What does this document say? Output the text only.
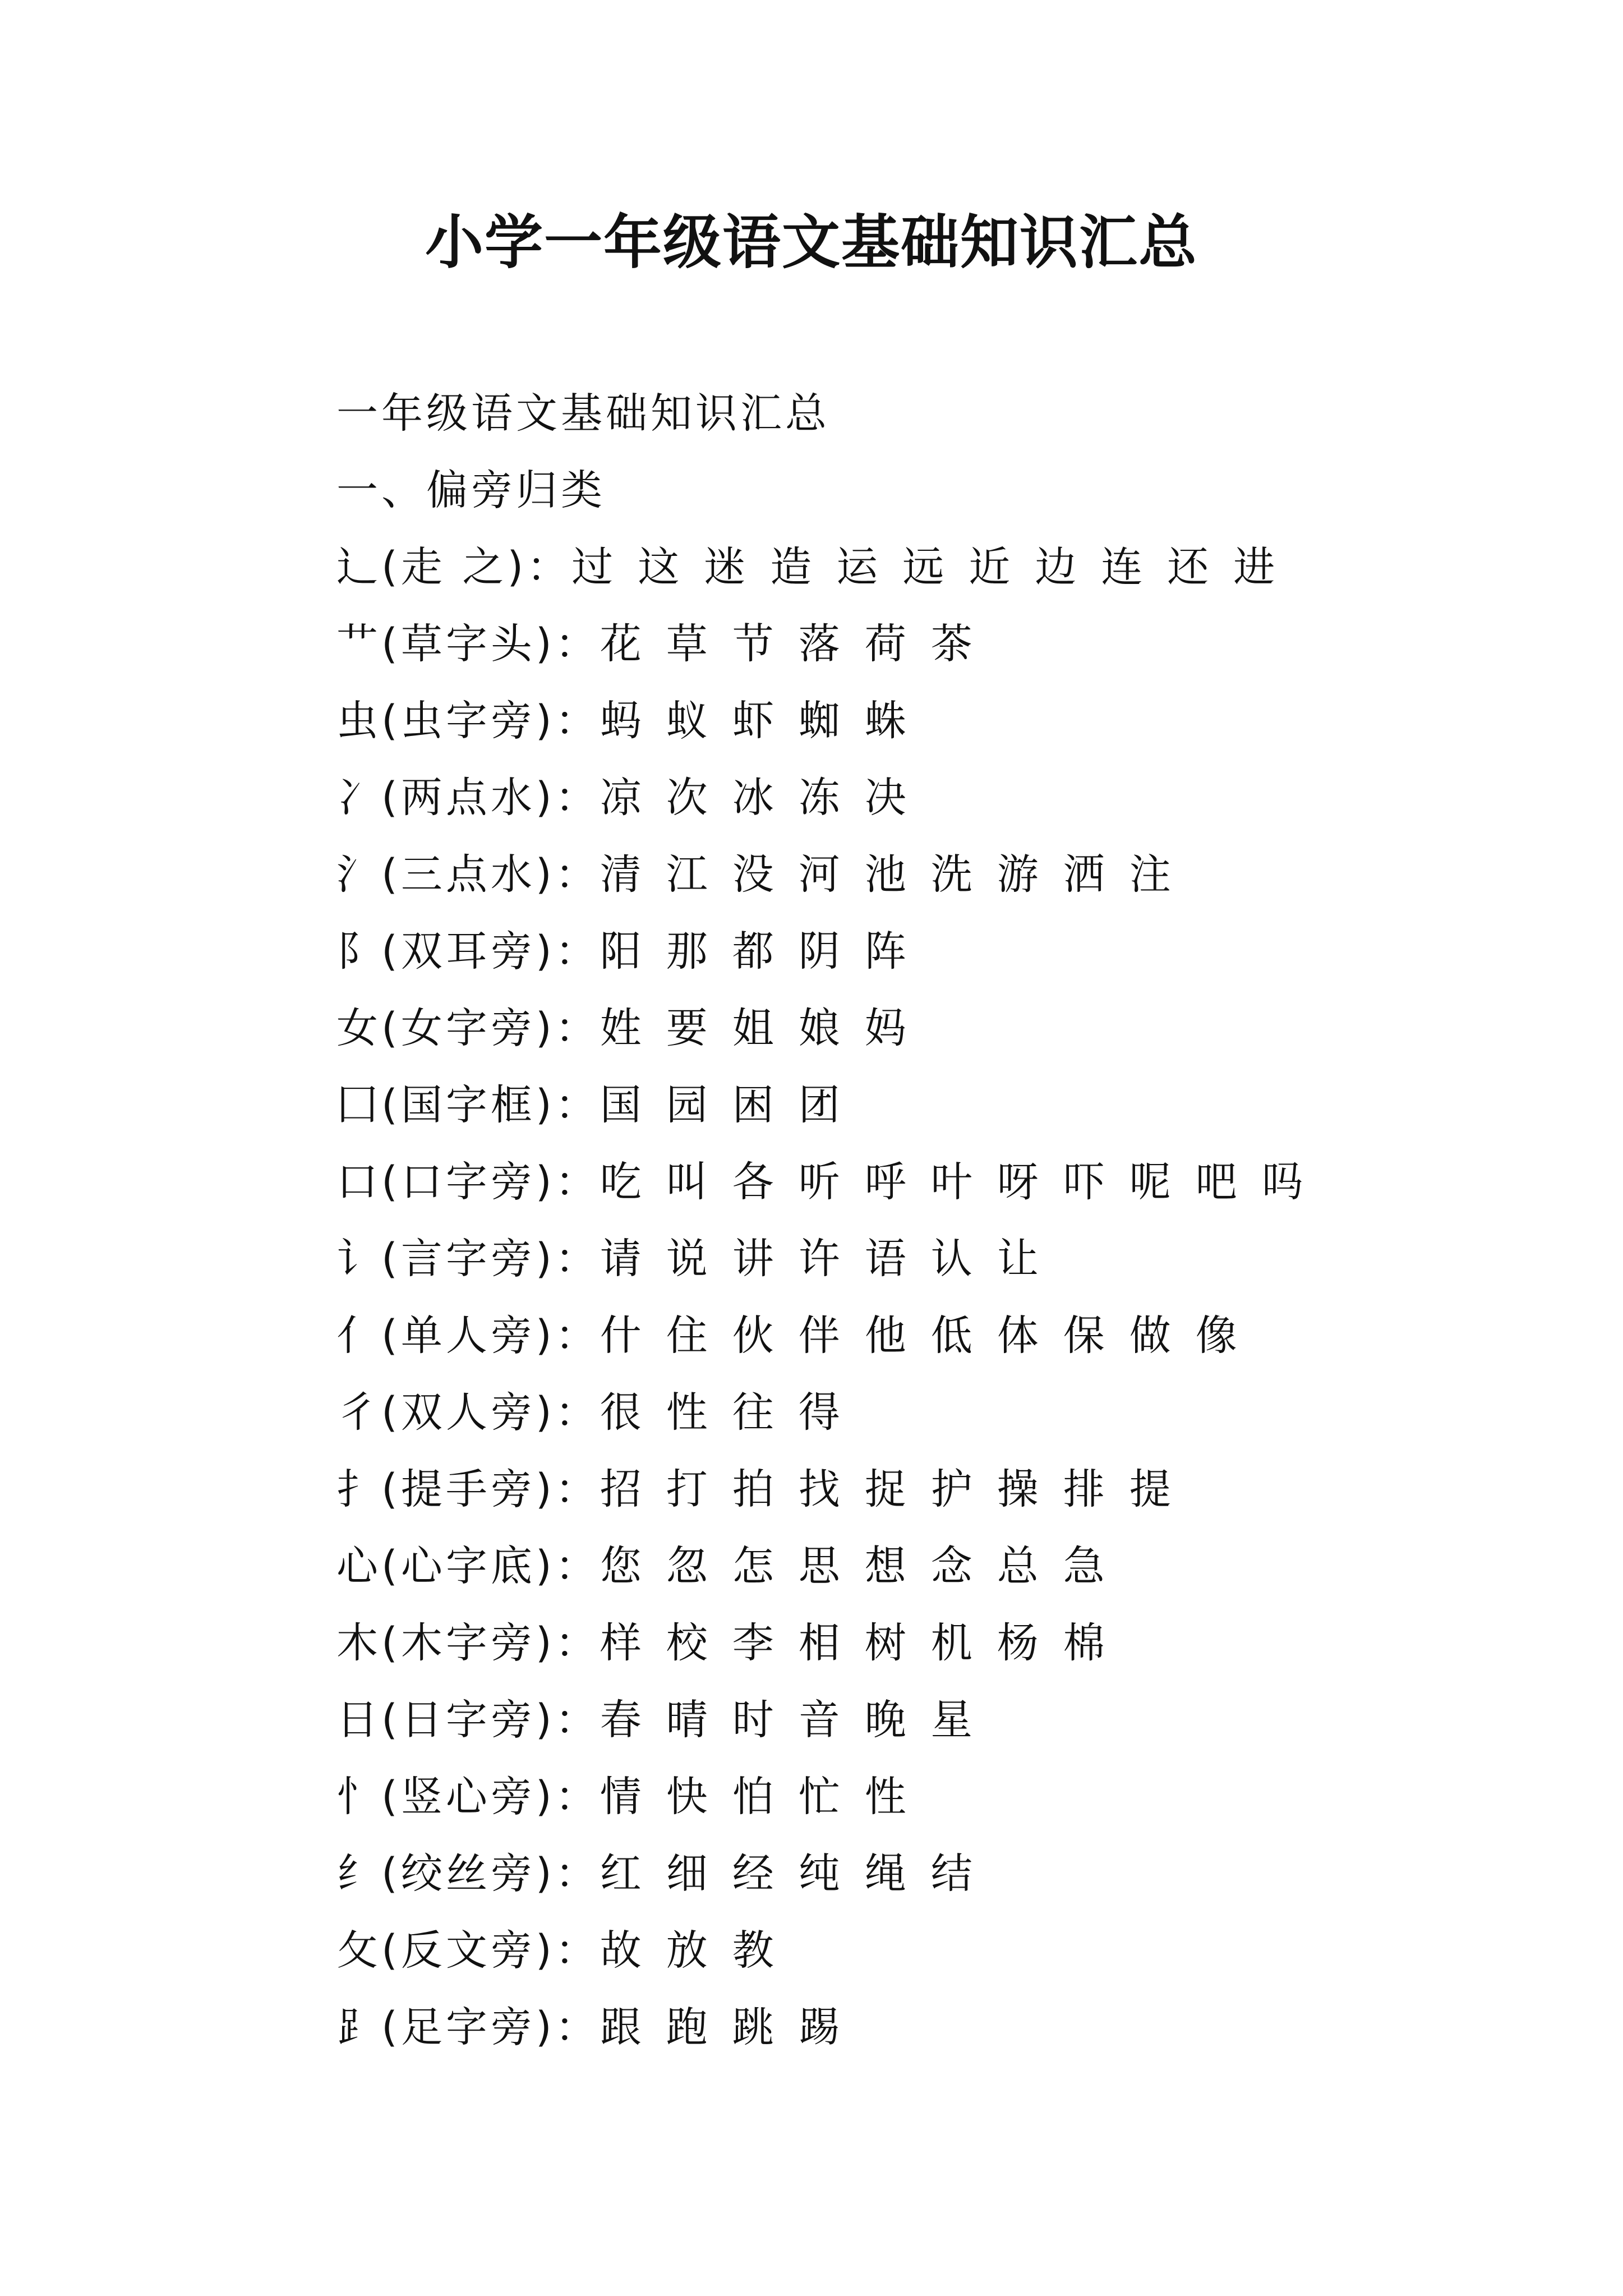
小学一年级语文基础知识汇总
一年级语文基础知识汇总
一、偏旁归类
⻌(走 之)： 过 这 迷 造 运 远 近 边 连 还 进
艹(草字头)： 花 草 节 落 荷 茶
虫(虫字旁)： 蚂 蚁 虾 蜘 蛛
冫(两点水)： 凉 次 冰 冻 决
氵(三点水)： 清 江 没 河 池 洗 游 洒 注
阝(双耳旁)： 阳 那 都 阴 阵
女(女字旁)： 姓 要 姐 娘 妈
囗(国字框)： 国 园 困 团
口(口字旁)： 吃 叫 各 听 呼 叶 呀 吓 呢 吧 吗
讠(言字旁)： 请 说 讲 许 语 认 让
亻(单人旁)： 什 住 伙 伴 他 低 体 保 做 像
彳(双人旁)： 很 性 往 得
扌(提手旁)： 招 打 拍 找 捉 护 操 排 提
心(心字底)： 您 忽 怎 思 想 念 总 急
木(木字旁)： 样 校 李 相 树 机 杨 棉
日(日字旁)： 春 晴 时 音 晚 星
忄(竖心旁)： 情 快 怕 忙 性
纟(绞丝旁)： 红 细 经 纯 绳 结
攵(反文旁)： 故 放 教
⻊(足字旁)： 跟 跑 跳 踢
